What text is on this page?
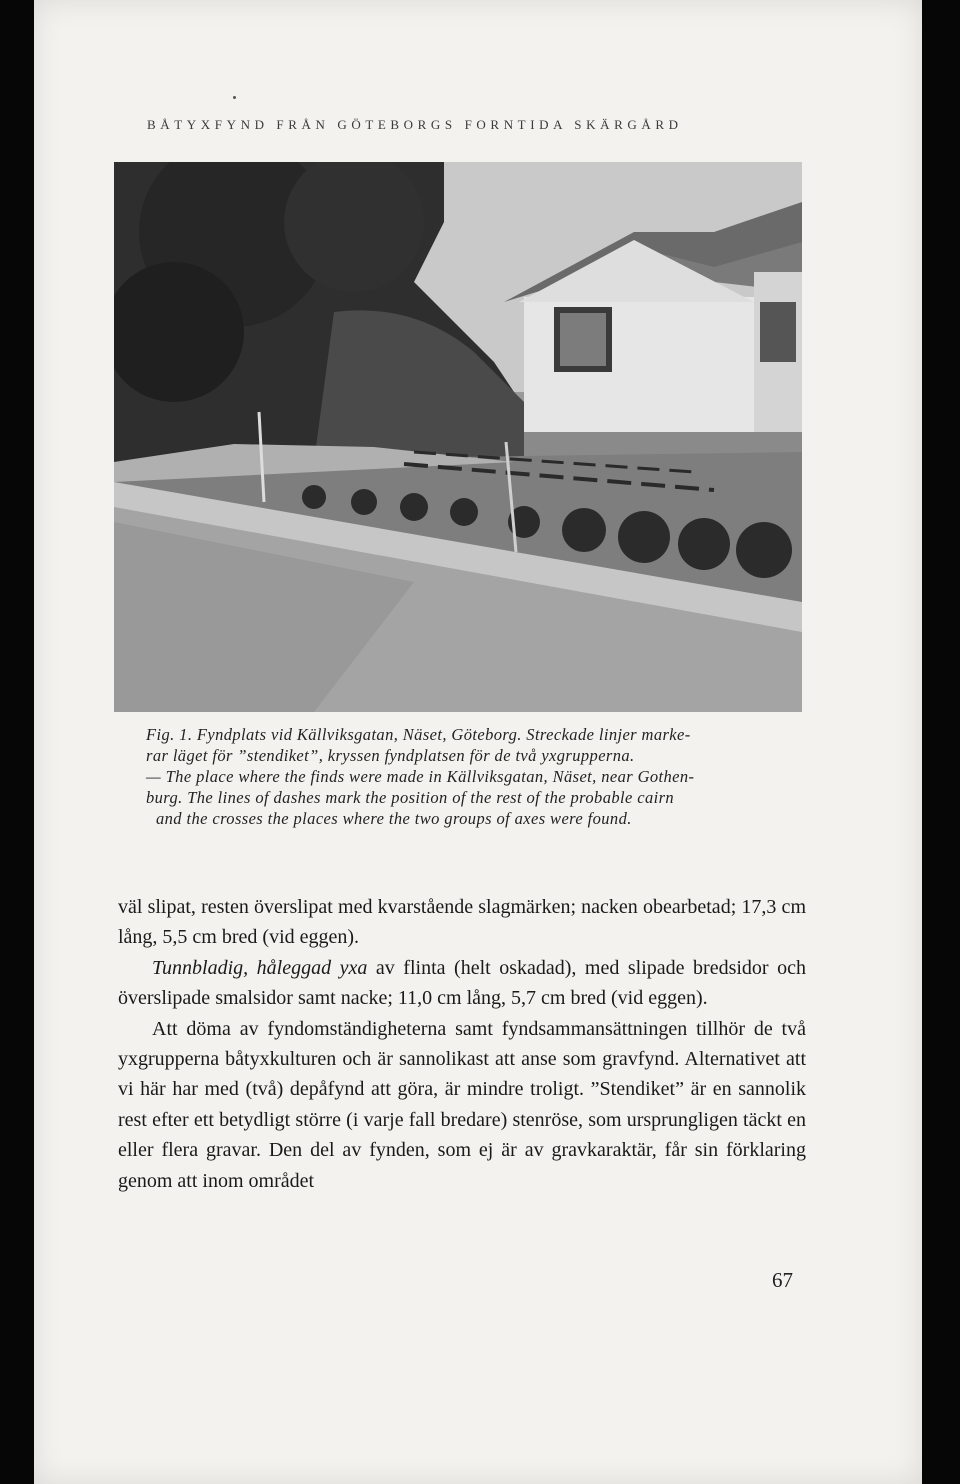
BÅTYXFYND FRÅN GÖTEBORGS FORNTIDA SKÄRGÅRD
Fig. 1. Fyndplats vid Källviksgatan, Näset, Göteborg. Streckade linjer marke-
rar läget för ”stendiket”, kryssen fyndplatsen för de två yxgrupperna.
— The place where the finds were made in Källviksgatan, Näset, near Gothen-
burg. The lines of dashes mark the position of the rest of the probable cairn
and the crosses the places where the two groups of axes were found.

väl slipat, resten överslipat med kvarstående slagmärken; nacken obearbetad; 17,3 cm lång, 5,5 cm bred (vid eggen).

Tunnbladig, håleggad yxa av flinta (helt oskadad), med slipade bredsidor och överslipade smalsidor samt nacke; 11,0 cm lång, 5,7 cm bred (vid eggen).

Att döma av fyndomständigheterna samt fyndsammansättningen tillhör de två yxgrupperna båtyxkulturen och är sannolikast att anse som gravfynd. Alternativet att vi här har med (två) depåfynd att göra, är mindre troligt. ”Stendiket” är en sannolik rest efter ett betydligt större (i varje fall bredare) stenröse, som ursprungligen täckt en eller flera gravar. Den del av fynden, som ej är av gravkaraktär, får sin förklaring genom att inom området

67
